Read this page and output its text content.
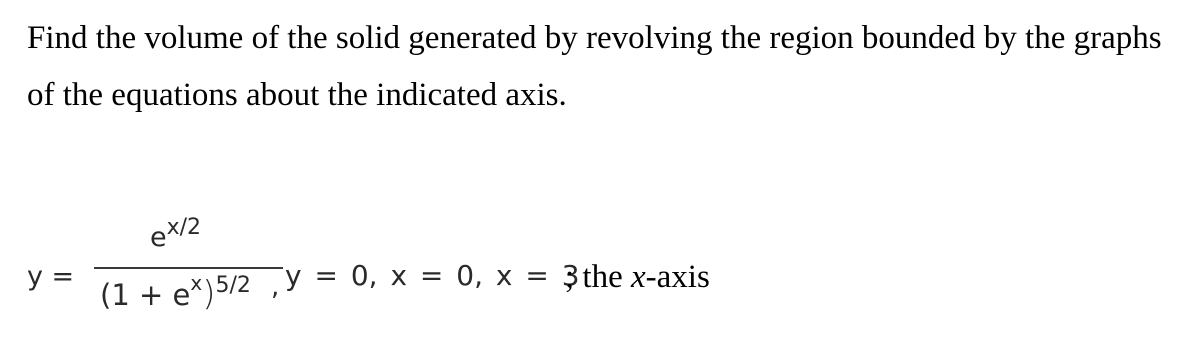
Find the volume of the solid generated by revolving the region bounded by the graphs of the equations about the indicated axis.

y =
$e^{x/2}$
$(1 + e^x)^{5/2}$ , y = 0, x = 0, x = 3
; the x-axis
